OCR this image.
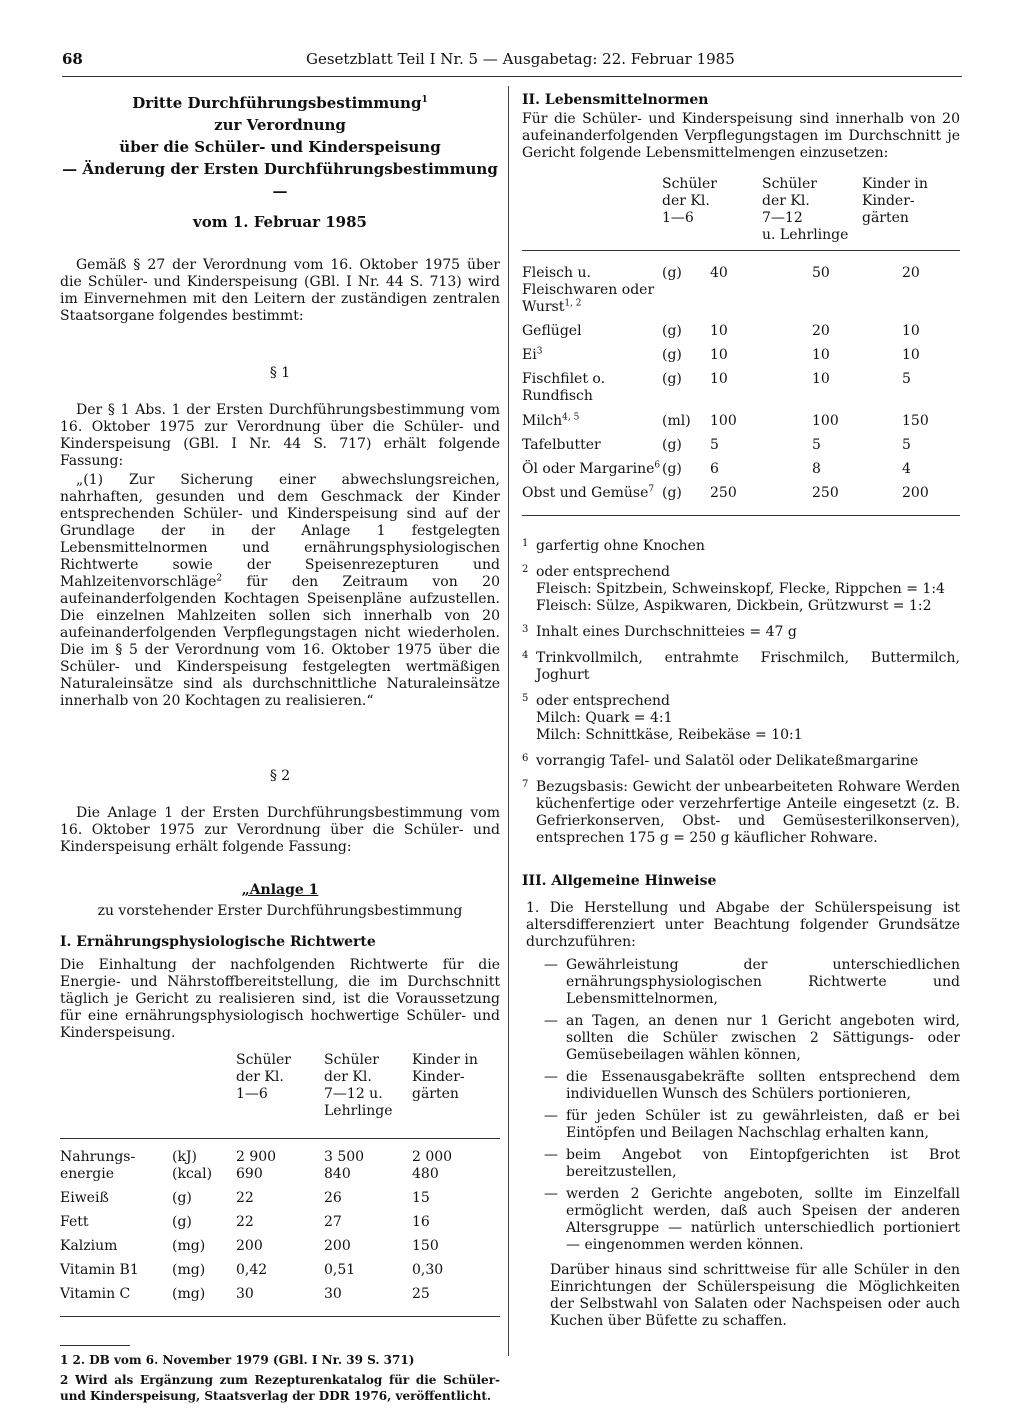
68	Gesetzblatt Teil I Nr. 5 — Ausgabetag: 22. Februar 1985
Dritte Durchführungsbestimmung$^1$
zur Verordnung
über die Schüler- und Kinderspeisung
— Änderung der Ersten Durchführungsbestimmung —
vom 1. Februar 1985

Gemäß § 27 der Verordnung vom 16. Oktober 1975 über die Schüler- und Kinderspeisung (GBl. I Nr. 44 S. 713) wird im Einvernehmen mit den Leitern der zuständigen zentralen Staatsorgane folgendes bestimmt:

§ 1

Der § 1 Abs. 1 der Ersten Durchführungsbestimmung vom 16. Oktober 1975 zur Verordnung über die Schüler- und Kinderspeisung (GBl. I Nr. 44 S. 717) erhält folgende Fassung:

„(1) Zur Sicherung einer abwechslungsreichen, nahrhaften, gesunden und dem Geschmack der Kinder entsprechenden Schüler- und Kinderspeisung sind auf der Grundlage der in der Anlage 1 festgelegten Lebensmittelnormen und ernährungsphysiologischen Richtwerte sowie der Speisenrezepturen und Mahlzeitenvorschläge$^2$ für den Zeitraum von 20 aufeinanderfolgenden Kochtagen Speisenpläne aufzustellen. Die einzelnen Mahlzeiten sollen sich innerhalb von 20 aufeinanderfolgenden Verpflegungstagen nicht wiederholen. Die im § 5 der Verordnung vom 16. Oktober 1975 über die Schüler- und Kinderspeisung festgelegten wertmäßigen Naturaleinsätze sind als durchschnittliche Naturaleinsätze innerhalb von 20 Kochtagen zu realisieren.“

§ 2

Die Anlage 1 der Ersten Durchführungsbestimmung vom 16. Oktober 1975 zur Verordnung über die Schüler- und Kinderspeisung erhält folgende Fassung:

„Anlage 1
zu vorstehender Erster Durchführungsbestimmung
I. Ernährungsphysiologische Richtwerte

Die Einhaltung der nachfolgenden Richtwerte für die Energie- und Nährstoffbereitstellung, die im Durchschnitt täglich je Gericht zu realisieren sind, ist die Voraussetzung für eine ernährungsphysiologisch hochwertige Schüler- und Kinderspeisung.

Schüler
der Kl.
1—6

Schüler
der Kl.
7—12 u.
Lehrlinge

Kinder in
Kinder-
gärten
Nahrungs-	(kJ)	2 900	3 500	2 000
energie	(kcal)	690	840	480
Eiweiß	(g)	22	26	15
Fett	(g)	22	27	16
Kalzium	(mg)	200	200	150
Vitamin B1	(mg)	0,42	0,51	0,30
Vitamin C	(mg)	30	30	25
1 2. DB vom 6. November 1979 (GBl. I Nr. 39 S. 371)
2 Wird als Ergänzung zum Rezepturenkatalog für die Schüler- und Kinderspeisung, Staatsverlag der DDR 1976, veröffentlicht.
II. Lebensmittelnormen

Für die Schüler- und Kinderspeisung sind innerhalb von 20 aufeinanderfolgenden Verpflegungstagen im Durchschnitt je Gericht folgende Lebensmittelmengen einzusetzen:

Schüler
der Kl.
1—6

Schüler
der Kl.
7—12
u. Lehrlinge

Kinder in
Kinder-
gärten
Fleisch u. Fleischwaren oder Wurst$^{1, 2}$	(g)	40	50	20
Geflügel	(g)	10	20	10
Ei$^3$	(g)	10	10	10
Fischfilet o. Rundfisch	(g)	10	10	5
Milch$^{4, 5}$	(ml)	100	100	150
Tafelbutter	(g)	5	5	5
Öl oder Margarine$^6$	(g)	6	8	4
Obst und Gemüse$^7$	(g)	250	250	200
1 garfertig ohne Knochen
2 oder entsprechend
Fleisch: Spitzbein, Schweinskopf, Flecke, Rippchen = 1:4
Fleisch: Sülze, Aspikwaren, Dickbein, Grützwurst = 1:2
3 Inhalt eines Durchschnitteies = 47 g
4 Trinkvollmilch, entrahmte Frischmilch, Buttermilch, Joghurt
5 oder entsprechend
Milch: Quark = 4:1
Milch: Schnittkäse, Reibekäse = 10:1
6 vorrangig Tafel- und Salatöl oder Delikateßmargarine
7 Bezugsbasis: Gewicht der unbearbeiteten Rohware Werden küchenfertige oder verzehrfertige Anteile eingesetzt (z. B. Gefrierkonserven, Obst- und Gemüsesterilkonserven), entsprechen 175 g = 250 g käuflicher Rohware.
III. Allgemeine Hinweise

1. Die Herstellung und Abgabe der Schülerspeisung ist altersdifferenziert unter Beachtung folgender Grundsätze durchzuführen:

— Gewährleistung der unterschiedlichen ernährungsphysiologischen Richtwerte und Lebensmittelnormen,
— an Tagen, an denen nur 1 Gericht angeboten wird, sollten die Schüler zwischen 2 Sättigungs- oder Gemüsebeilagen wählen können,
— die Essenausgabekräfte sollten entsprechend dem individuellen Wunsch des Schülers portionieren,
— für jeden Schüler ist zu gewährleisten, daß er bei Eintöpfen und Beilagen Nachschlag erhalten kann,
— beim Angebot von Eintopfgerichten ist Brot bereitzustellen,
— werden 2 Gerichte angeboten, sollte im Einzelfall ermöglicht werden, daß auch Speisen der anderen Altersgruppe — natürlich unterschiedlich portioniert — eingenommen werden können.

Darüber hinaus sind schrittweise für alle Schüler in den Einrichtungen der Schülerspeisung die Möglichkeiten der Selbstwahl von Salaten oder Nachspeisen oder auch Kuchen über Büfette zu schaffen.
